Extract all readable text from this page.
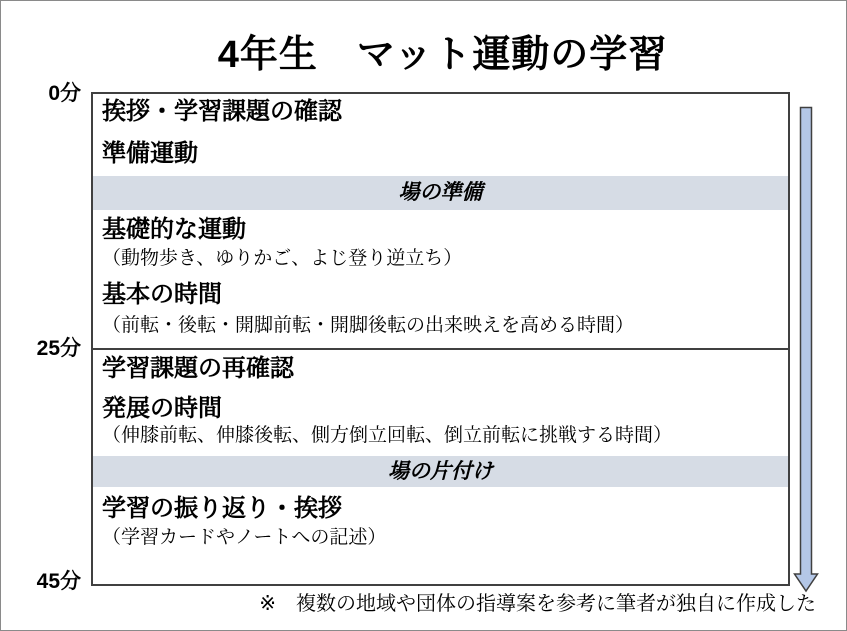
4年生　マット運動の学習
0分
25分
45分
挨拶・学習課題の確認
準備運動
場の準備
基礎的な運動
（動物歩き、ゆりかご、よじ登り逆立ち）
基本の時間
（前転・後転・開脚前転・開脚後転の出来映えを高める時間）
学習課題の再確認
発展の時間
（伸膝前転、伸膝後転、側方倒立回転、倒立前転に挑戦する時間）
場の片付け
学習の振り返り・挨拶
（学習カードやノートへの記述）
※　複数の地域や団体の指導案を参考に筆者が独自に作成した
